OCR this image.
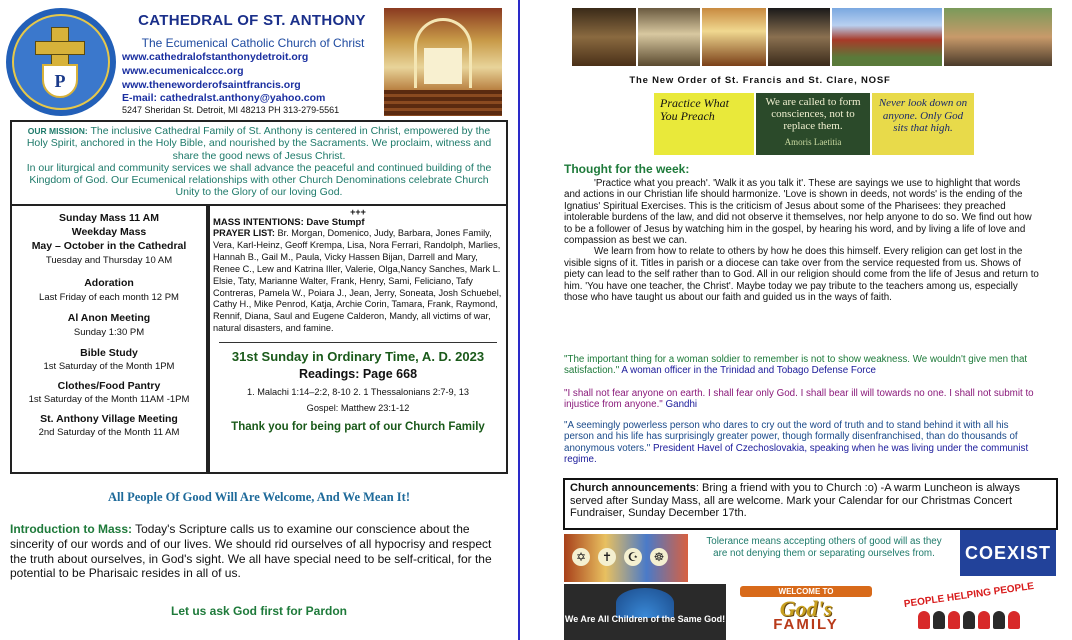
P
CATHEDRAL OF ST. ANTHONY
The Ecumenical Catholic Church of Christ
www.cathedralofstanthonydetroit.org
www.ecumenicalccc.org
www.theneworderofsaintfrancis.org
E-mail: cathedralst.anthony@yahoo.com
5247 Sheridan St. Detroit, MI 48213 PH 313-279-5561
OUR MISSION: The inclusive Cathedral Family of St. Anthony is centered in Christ, empowered by the Holy Spirit, anchored in the Holy Bible, and nourished by the Sacraments. We proclaim, witness and share the good news of Jesus Christ.
In our liturgical and community services we shall advance the peaceful and continued building of the Kingdom of God. Our Ecumenical relationships with other Church Denominations celebrate Church Unity to the Glory of our loving God.
Sunday Mass 11 AM
Weekday Mass
May – October in the Cathedral
Tuesday and Thursday 10 AM
Adoration
Last Friday of each month 12 PM
Al Anon Meeting
Sunday 1:30 PM
Bible Study
1st Saturday of the Month 1PM
Clothes/Food Pantry
1st Saturday of the Month 11AM -1PM
St. Anthony Village Meeting
2nd Saturday of the Month 11 AM
+++
MASS INTENTIONS: Dave Stumpf
PRAYER LIST: Br. Morgan, Domenico, Judy, Barbara, Jones Family, Vera, Karl-Heinz, Geoff Krempa, Lisa, Nora Ferrari, Randolph, Marlies, Hannah B., Gail M., Paula, Vicky Hassen Bijan, Darrell and Mary, Renee C., Lew and Katrina Iller, Valerie, Olga,Nancy Sanches, Mark L. Elsie, Taty, Marianne Walter, Frank, Henry, Sami, Feliciano, Tafy Contreras, Pamela W., Poiara J., Jean, Jerry, Soneata, Josh Schuebel, Cathy H., Mike Penrod, Katja, Archie Corin, Tamara, Frank, Raymond, Rennif, Diana, Saul and Eugene Calderon, Mandy, all victims of war, natural disasters, and famine.
31st Sunday in Ordinary Time, A. D. 2023
Readings: Page 668
1. Malachi 1:14–2:2, 8-10 2. 1 Thessalonians 2:7-9, 13
Gospel: Matthew 23:1-12
Thank you for being part of our Church Family
All People Of Good Will Are Welcome, And We Mean It!
Introduction to Mass: Today's Scripture calls us to examine our conscience about the sincerity of our words and of our lives. We should rid ourselves of all hypocrisy and respect the truth about ourselves, in God's sight. We all have special need to be self-critical, for the potential to be Pharisaic resides in all of us.
Let us ask God first for Pardon
The New Order of St. Francis and St. Clare, NOSF
Practice What You Preach
We are called to form consciences, not to replace them.
Amoris Laetitia
Never look down on anyone. Only God sits that high.
Thought for the week:

'Practice what you preach'. 'Walk it as you talk it'. These are sayings we use to highlight that words and actions in our Christian life should harmonize. 'Love is shown in deeds, not words' is the ending of the Ignatius' Spiritual Exercises. This is the criticism of Jesus about some of the Pharisees: they preached intolerable burdens of the law, and did not observe it themselves, nor help anyone to do so. We find out how to be a follower of Jesus by watching him in the gospel, by hearing his word, and by living a life of love and compassion as best we can.

We learn from how to relate to others by how he does this himself. Every religion can get lost in the visible signs of it. Titles in parish or a diocese can take over from the service requested from us. Shows of piety can lead to the self rather than to God. All in our religion should come from the life of Jesus and return to him. 'You have one teacher, the Christ'. Maybe today we pay tribute to the teachers among us, especially those who have taught us about our faith and guided us in the ways of faith.

"The important thing for a woman soldier to remember is not to show weakness. We wouldn't give men that satisfaction." A woman officer in the Trinidad and Tobago Defense Force
"I shall not fear anyone on earth. I shall fear only God. I shall bear ill will towards no one. I shall not submit to injustice from anyone." Gandhi
"A seemingly powerless person who dares to cry out the word of truth and to stand behind it with all his person and his life has surprisingly greater power, though formally disenfranchised, than do thousands of anonymous voters." President Havel of Czechoslovakia, speaking when he was living under the communist regime.
Church announcements: Bring a friend with you to Church :o) -A warm Luncheon is always served after Sunday Mass, all are welcome. Mark your Calendar for our Christmas Concert Fundraiser, Sunday December 17th.
✡	✝	☪	☸
Tolerance means accepting others of good will as they are not denying them or separating ourselves from.	COEXIST
We Are All Children of the Same God!
WELCOME TO
God's
FAMILY
PEOPLE HELPING PEOPLE
